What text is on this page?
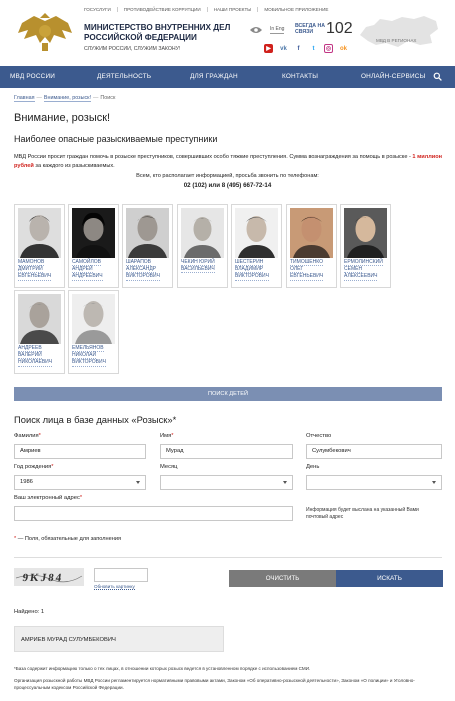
ГОСУСЛУГИ	ПРОТИВОДЕЙСТВИЕ КОРРУПЦИИ	НАШИ ПРОЕКТЫ	МОБИЛЬНОЕ ПРИЛОЖЕНИЕ
МИНИСТЕРСТВО ВНУТРЕННИХ ДЕЛ РОССИЙСКОЙ ФЕДЕРАЦИИ
СЛУЖИМ РОССИИ, СЛУЖИМ ЗАКОНУ!
In Eng ВСЕГДА НА СВЯЗИ 102
▶	vk	f	t	◎	ok
МВД В РЕГИОНАХ
МВД РОССИИ	ДЕЯТЕЛЬНОСТЬ	ДЛЯ ГРАЖДАН	КОНТАКТЫ	ОНЛАЙН-СЕРВИСЫ
Главная — Внимание, розыск! — Поиск
Внимание, розыск!
Наиболее опасные разыскиваемые преступники
МВД России просит граждан помочь в розыске преступников, совершивших особо тяжкие преступления. Сумма вознаграждения за помощь в розыске - 1 миллион рублей за каждого из разыскиваемых.
Всем, кто располагает информацией, просьба звонить по телефонам:
02 (102) или 8 (495) 667-72-14
МАМОНОВ
ДМИТРИЙ
ЕВГЕНЬЕВИЧ
САМОЙЛОВ
АНДРЕЙ
АНДРЕЕВИЧ
ШАРАПОВ
АЛЕКСАНДР
ВИКТОРОВИЧ
ЧЕКИН ЮРИЙ
ВАСИЛЬЕВИЧ
ШЕСТЕРИН
ВЛАДИМИР
ВИКТОРОВИЧ
ТИМОШЕНКО
ОЛЕГ
ЕВГЕНЬЕВИЧ
ЕРМОЛИНСКИЙ
СЕМЕН
АЛЕКСЕЕВИЧ
АНДРЕЕВ
ВАЛЕРИЙ
НИКОЛАЕВИЧ
ЕМЕЛЬЯНОВ
НИКОЛАЙ
ВИКТОРОВИЧ
ПОИСК ДЕТЕЙ
Поиск лица в базе данных «Розыск»*
Фамилия*
Амриев
Имя*
Мурад
Отчество
Сулумбекович
Год рождения*
1986
Месяц	День
Ваш электронный адрес*
Информация будет выслана на указанный Вами почтовый адрес
* — Поля, обязательные для заполнения
9KJ84
Обновить картинку
ОЧИСТИТЬ	ИСКАТЬ
Найдено: 1
АМРИЕВ МУРАД СУЛУМБЕКОВИЧ
*База содержит информацию только о тех лицах, в отношении которых розыск ведется в установленном порядке с использованием СМИ.
Организация розыскной работы МВД России регламентируется нормативными правовыми актами, Законом «Об оперативно-розыскной деятельности», Законом «О полиции» и Уголовно-процессуальным кодексом Российской Федерации.
